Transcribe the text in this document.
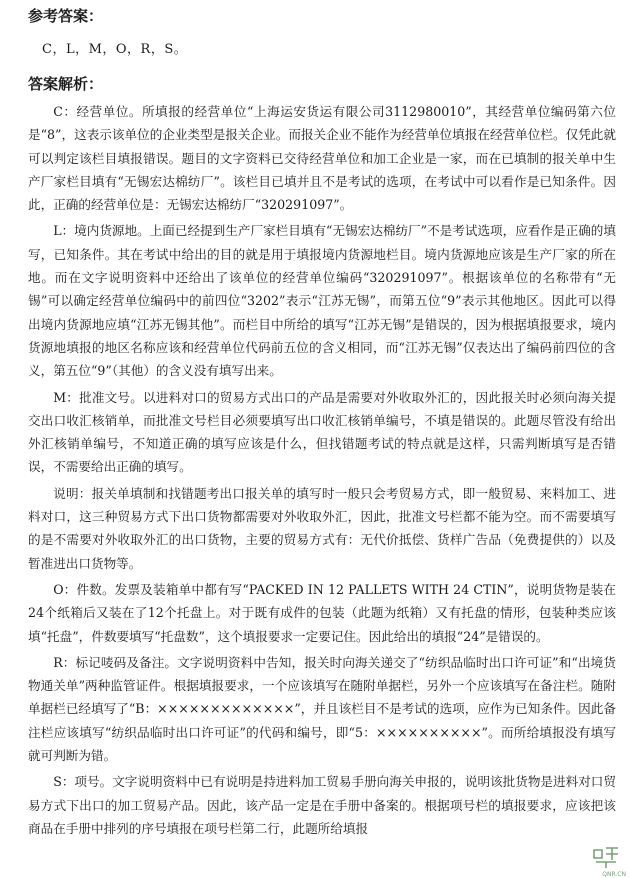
参考答案：

C，L，M，O，R，S。

答案解析：

C：经营单位。所填报的经营单位“上海运安货运有限公司3112980010”，其经营单位编码第六位是“8”，这表示该单位的企业类型是报关企业。而报关企业不能作为经营单位填报在经营单位栏。仅凭此就可以判定该栏目填报错误。题目的文字资料已交待经营单位和加工企业是一家，而在已填制的报关单中生产厂家栏目填有“无锡宏达棉纺厂”。该栏目已填并且不是考试的选项，在考试中可以看作是已知条件。因此，正确的经营单位是：无锡宏达棉纺厂“320291097”。

L：境内货源地。上面已经提到生产厂家栏目填有“无锡宏达棉纺厂”不是考试选项，应看作是正确的填写，已知条件。其在考试中给出的目的就是用于填报境内货源地栏目。境内货源地应该是生产厂家的所在地。而在文字说明资料中还给出了该单位的经营单位编码“320291097”。根据该单位的名称带有“无锡”可以确定经营单位编码中的前四位“3202”表示“江苏无锡”，而第五位“9”表示其他地区。因此可以得出境内货源地应填“江苏无锡其他”。而栏目中所给的填写“江苏无锡”是错误的，因为根据填报要求，境内货源地填报的地区名称应该和经营单位代码前五位的含义相同，而“江苏无锡”仅表达出了编码前四位的含义，第五位“9”（其他）的含义没有填写出来。

M：批准文号。以进料对口的贸易方式出口的产品是需要对外收取外汇的，因此报关时必须向海关提交出口收汇核销单，而批准文号栏目必须要填写出口收汇核销单编号，不填是错误的。此题尽管没有给出外汇核销单编号，不知道正确的填写应该是什么，但找错题考试的特点就是这样，只需判断填写是否错误，不需要给出正确的填写。

说明：报关单填制和找错题考出口报关单的填写时一般只会考贸易方式，即一般贸易、来料加工、进料对口，这三种贸易方式下出口货物都需要对外收取外汇，因此，批准文号栏都不能为空。而不需要填写的是不需要对外收取外汇的出口货物，主要的贸易方式有：无代价抵偿、货样广告品（免费提供的）以及暂准进出口货物等。

O：件数。发票及装箱单中都有写“PACKED IN 12 PALLETS WITH 24 CTIN”，说明货物是装在24个纸箱后又装在了12个托盘上。对于既有成件的包装（此题为纸箱）又有托盘的情形，包装种类应该填“托盘”，件数要填写“托盘数”，这个填报要求一定要记住。因此给出的填报“24”是错误的。

R：标记唛码及备注。文字说明资料中告知，报关时向海关递交了“纺织品临时出口许可证”和“出境货物通关单”两种监管证件。根据填报要求，一个应该填写在随附单据栏，另外一个应该填写在备注栏。随附单据栏已经填写了“B：×××××××××××××”，并且该栏目不是考试的选项，应作为已知条件。因此备注栏应该填写“纺织品临时出口许可证”的代码和编号，即“5：××××××××××”。而所给填报没有填写就可判断为错。

S：项号。文字说明资料中已有说明是持进料加工贸易手册向海关申报的，说明该批货物是进料对口贸易方式下出口的加工贸易产品。因此，该产品一定是在手册中备案的。根据项号栏的填报要求，应该把该商品在手册中排列的序号填报在项号栏第二行，此题所给填报

QNR.CN
